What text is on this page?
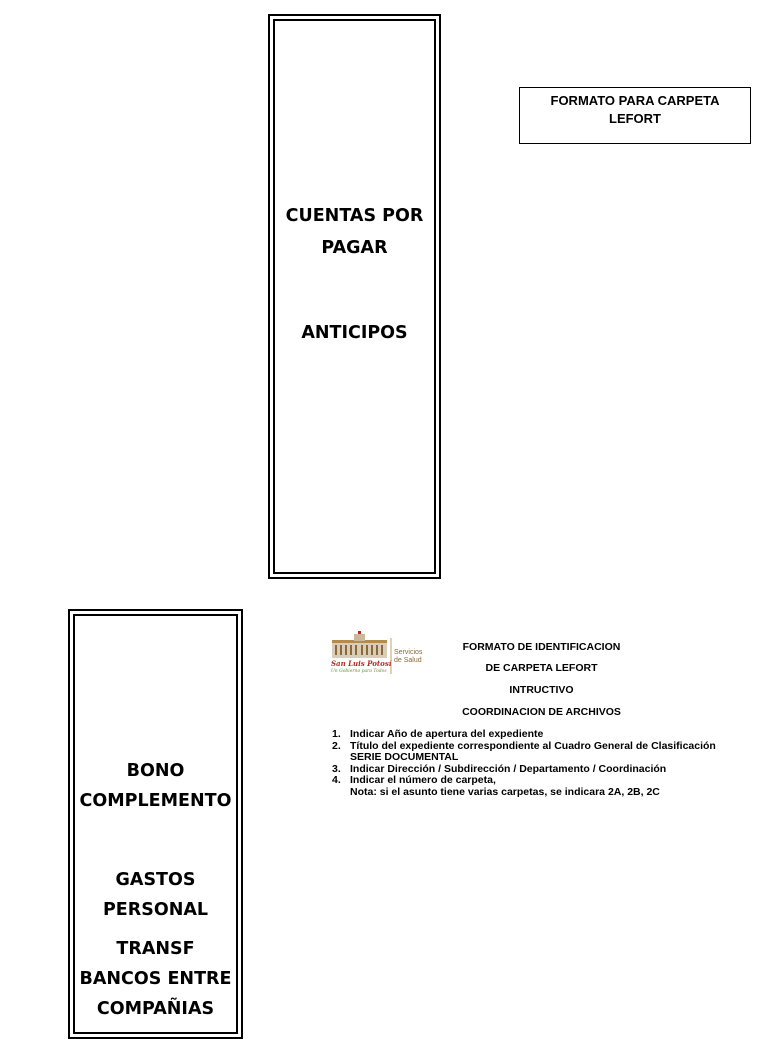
CUENTAS POR
PAGAR
ANTICIPOS
FORMATO PARA CARPETA
LEFORT
San Luis Potosí
Un Gobierno para Todos
Servicios
de Salud
FORMATO DE IDENTIFICACION
DE CARPETA LEFORT
INTRUCTIVO
COORDINACION DE ARCHIVOS
1. Indicar Año de apertura del expediente
2. Título del expediente correspondiente al Cuadro General de Clasificación
SERIE DOCUMENTAL
3. Indicar Dirección / Subdirección / Departamento / Coordinación
4. Indicar el número de carpeta,
Nota: si el asunto tiene varias carpetas, se indicara 2A, 2B, 2C
BONO
COMPLEMENTO
GASTOS
PERSONAL
TRANSF
BANCOS ENTRE
COMPAÑIAS
